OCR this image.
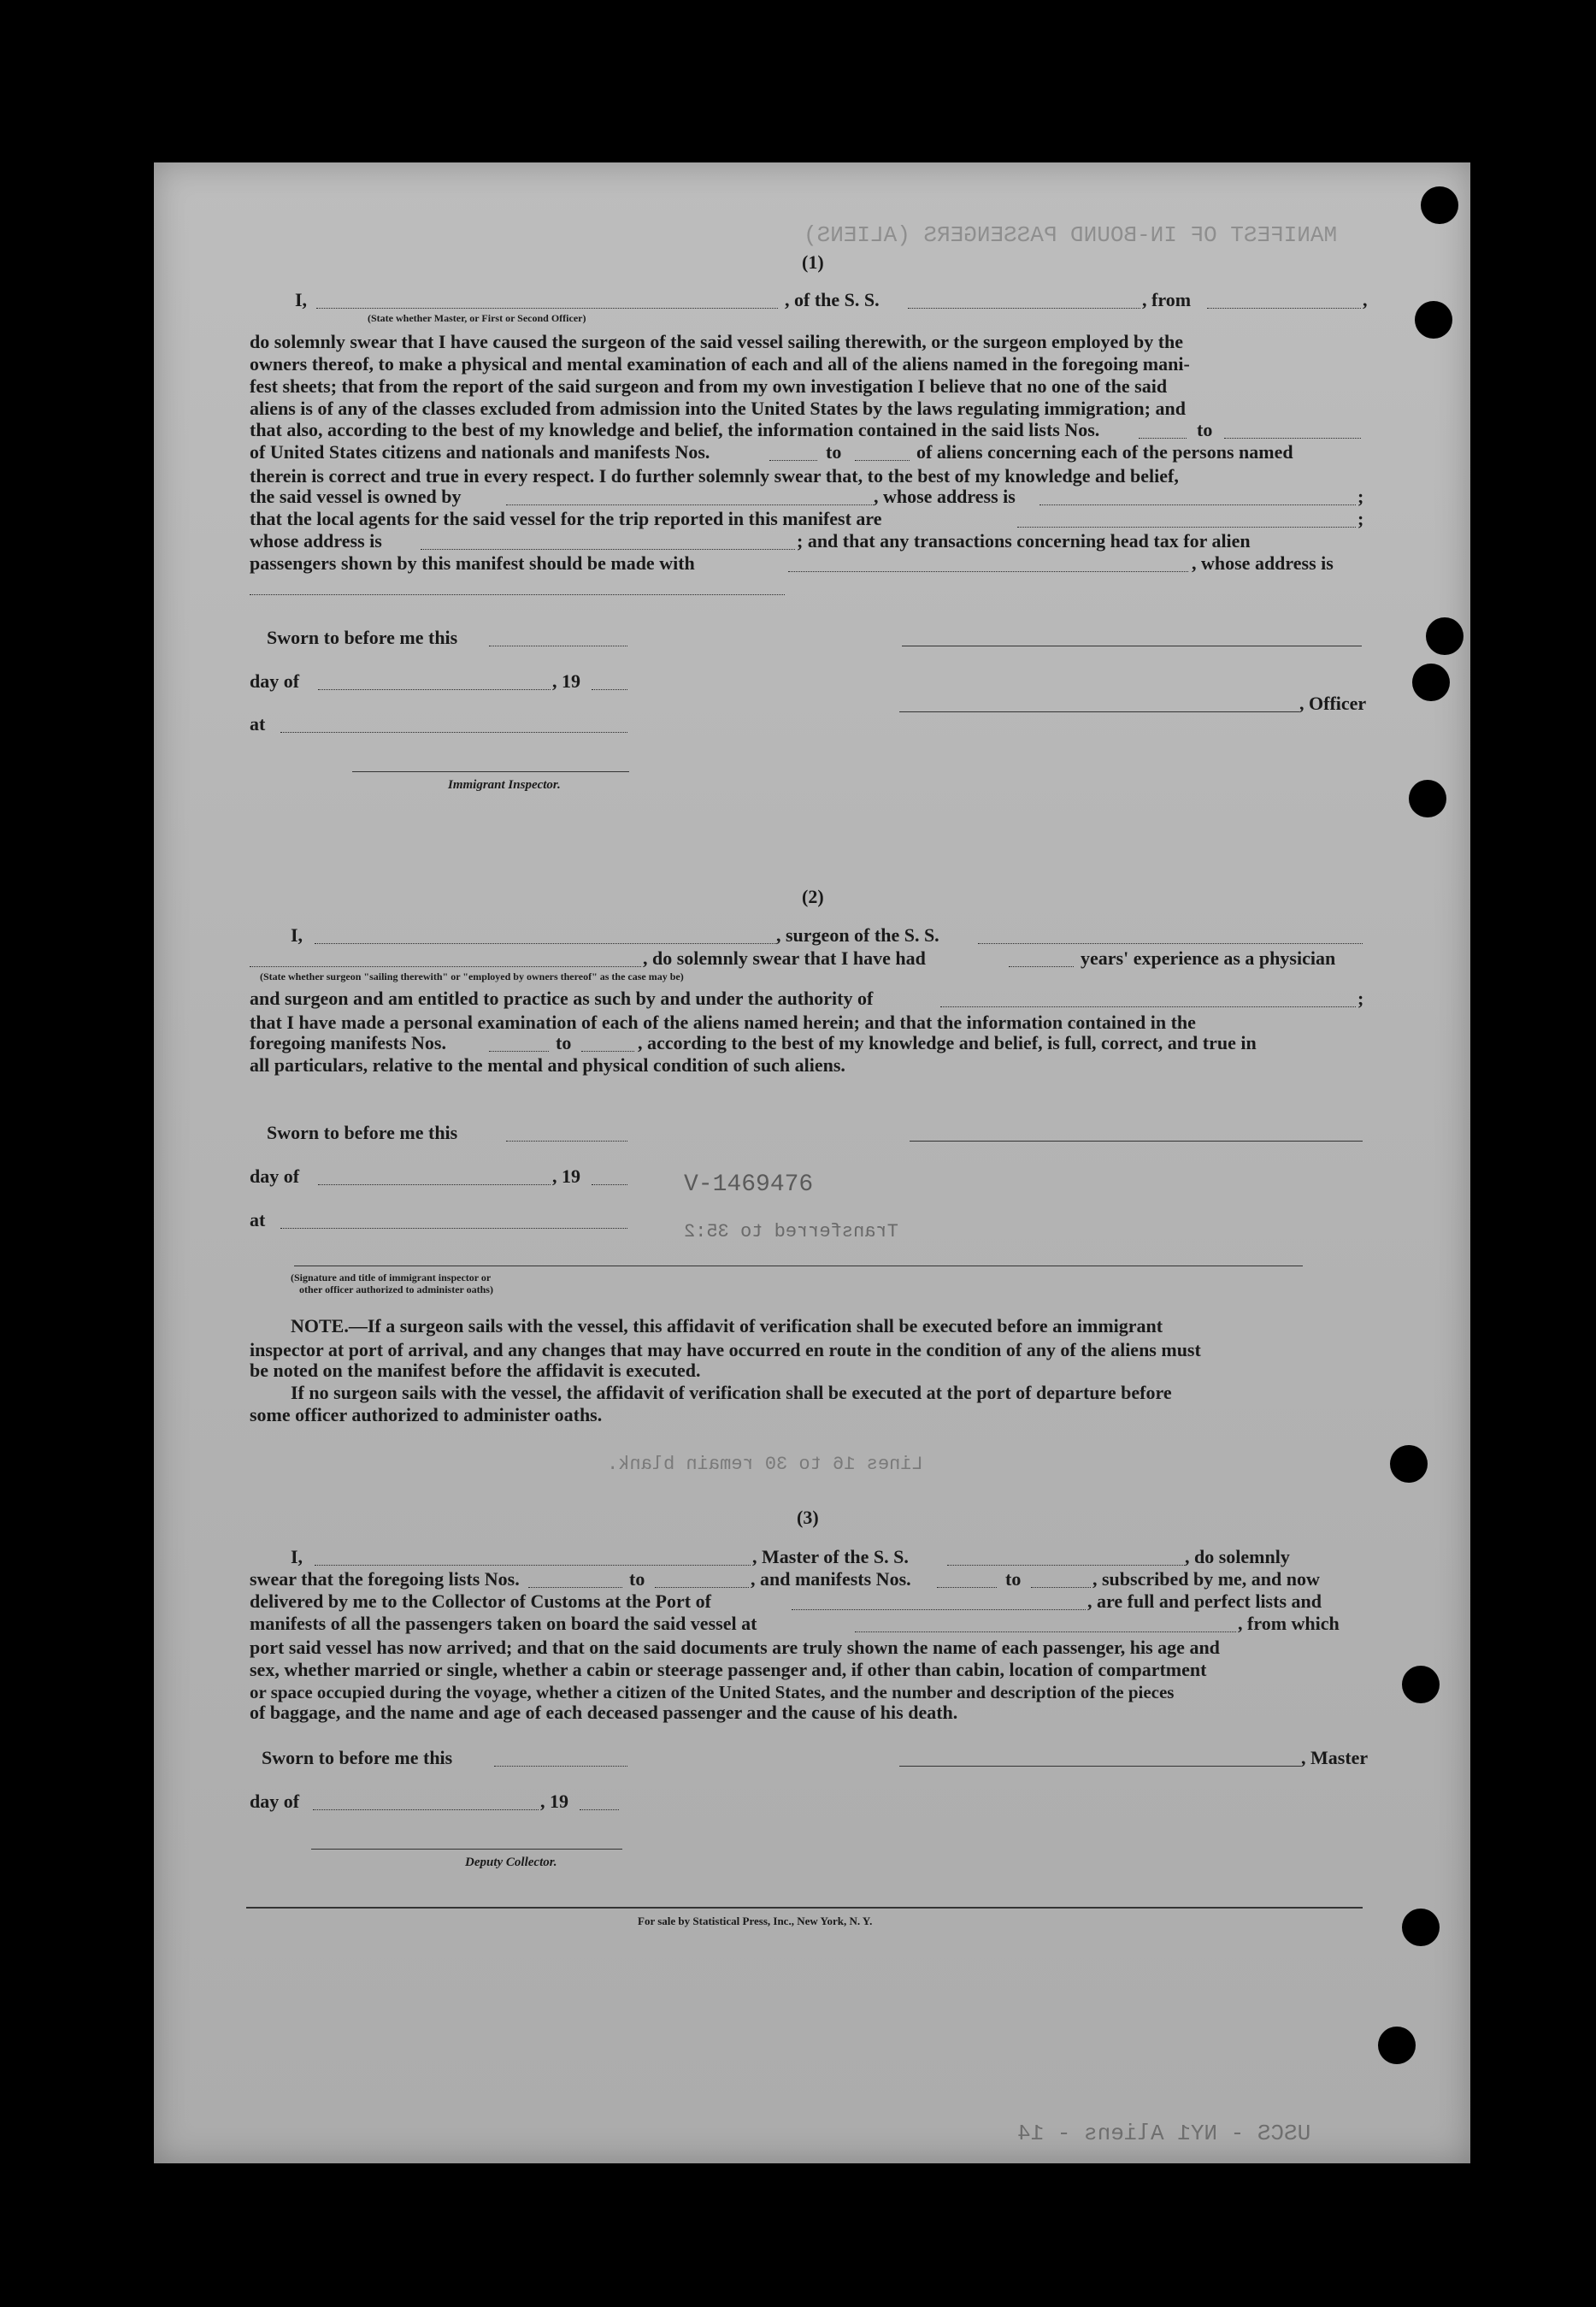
MANIFEST OF IN-BOUND PASSENGERS (ALIENS)
V-1469476
Transferred to 35:2
Lines 16 to 30 remain blank.
USCS - NY1 Aliens - 14
(1)
I,
(State whether Master, or First or Second Officer)
, of the S. S.	, from	,
do solemnly swear that I have caused the surgeon of the said vessel sailing therewith, or the surgeon employed by the
owners thereof, to make a physical and mental examination of each and all of the aliens named in the foregoing mani-
fest sheets; that from the report of the said surgeon and from my own investigation I believe that no one of the said
aliens is of any of the classes excluded from admission into the United States by the laws regulating immigration; and
that also, according to the best of my knowledge and belief, the information contained in the said lists Nos.	to
of United States citizens and nationals and manifests Nos.	to	of aliens concerning each of the persons named
therein is correct and true in every respect. I do further solemnly swear that, to the best of my knowledge and belief,
the said vessel is owned by	, whose address is	;
that the local agents for the said vessel for the trip reported in this manifest are	;
whose address is	; and that any transactions concerning head tax for alien
passengers shown by this manifest should be made with	, whose address is
Sworn to before me this
day of	, 19
, Officer
at
Immigrant Inspector.
(2)
I,	, surgeon of the S. S.
, do solemnly swear that I have had	years' experience as a physician
(State whether surgeon "sailing therewith" or "employed by owners thereof" as the case may be)
and surgeon and am entitled to practice as such by and under the authority of	;
that I have made a personal examination of each of the aliens named herein; and that the information contained in the
foregoing manifests Nos.	to	, according to the best of my knowledge and belief, is full, correct, and true in
all particulars, relative to the mental and physical condition of such aliens.
Sworn to before me this
day of	, 19
at
(Signature and title of immigrant inspector or
other officer authorized to administer oaths)
NOTE.—If a surgeon sails with the vessel, this affidavit of verification shall be executed before an immigrant
inspector at port of arrival, and any changes that may have occurred en route in the condition of any of the aliens must
be noted on the manifest before the affidavit is executed.
If no surgeon sails with the vessel, the affidavit of verification shall be executed at the port of departure before
some officer authorized to administer oaths.
(3)
I,	, Master of the S. S.	, do solemnly
swear that the foregoing lists Nos.	to	, and manifests Nos.	to	, subscribed by me, and now
delivered by me to the Collector of Customs at the Port of	, are full and perfect lists and
manifests of all the passengers taken on board the said vessel at	, from which
port said vessel has now arrived; and that on the said documents are truly shown the name of each passenger, his age and
sex, whether married or single, whether a cabin or steerage passenger and, if other than cabin, location of compartment
or space occupied during the voyage, whether a citizen of the United States, and the number and description of the pieces
of baggage, and the name and age of each deceased passenger and the cause of his death.
Sworn to before me this	, Master
day of	, 19
Deputy Collector.
For sale by Statistical Press, Inc., New York, N. Y.
